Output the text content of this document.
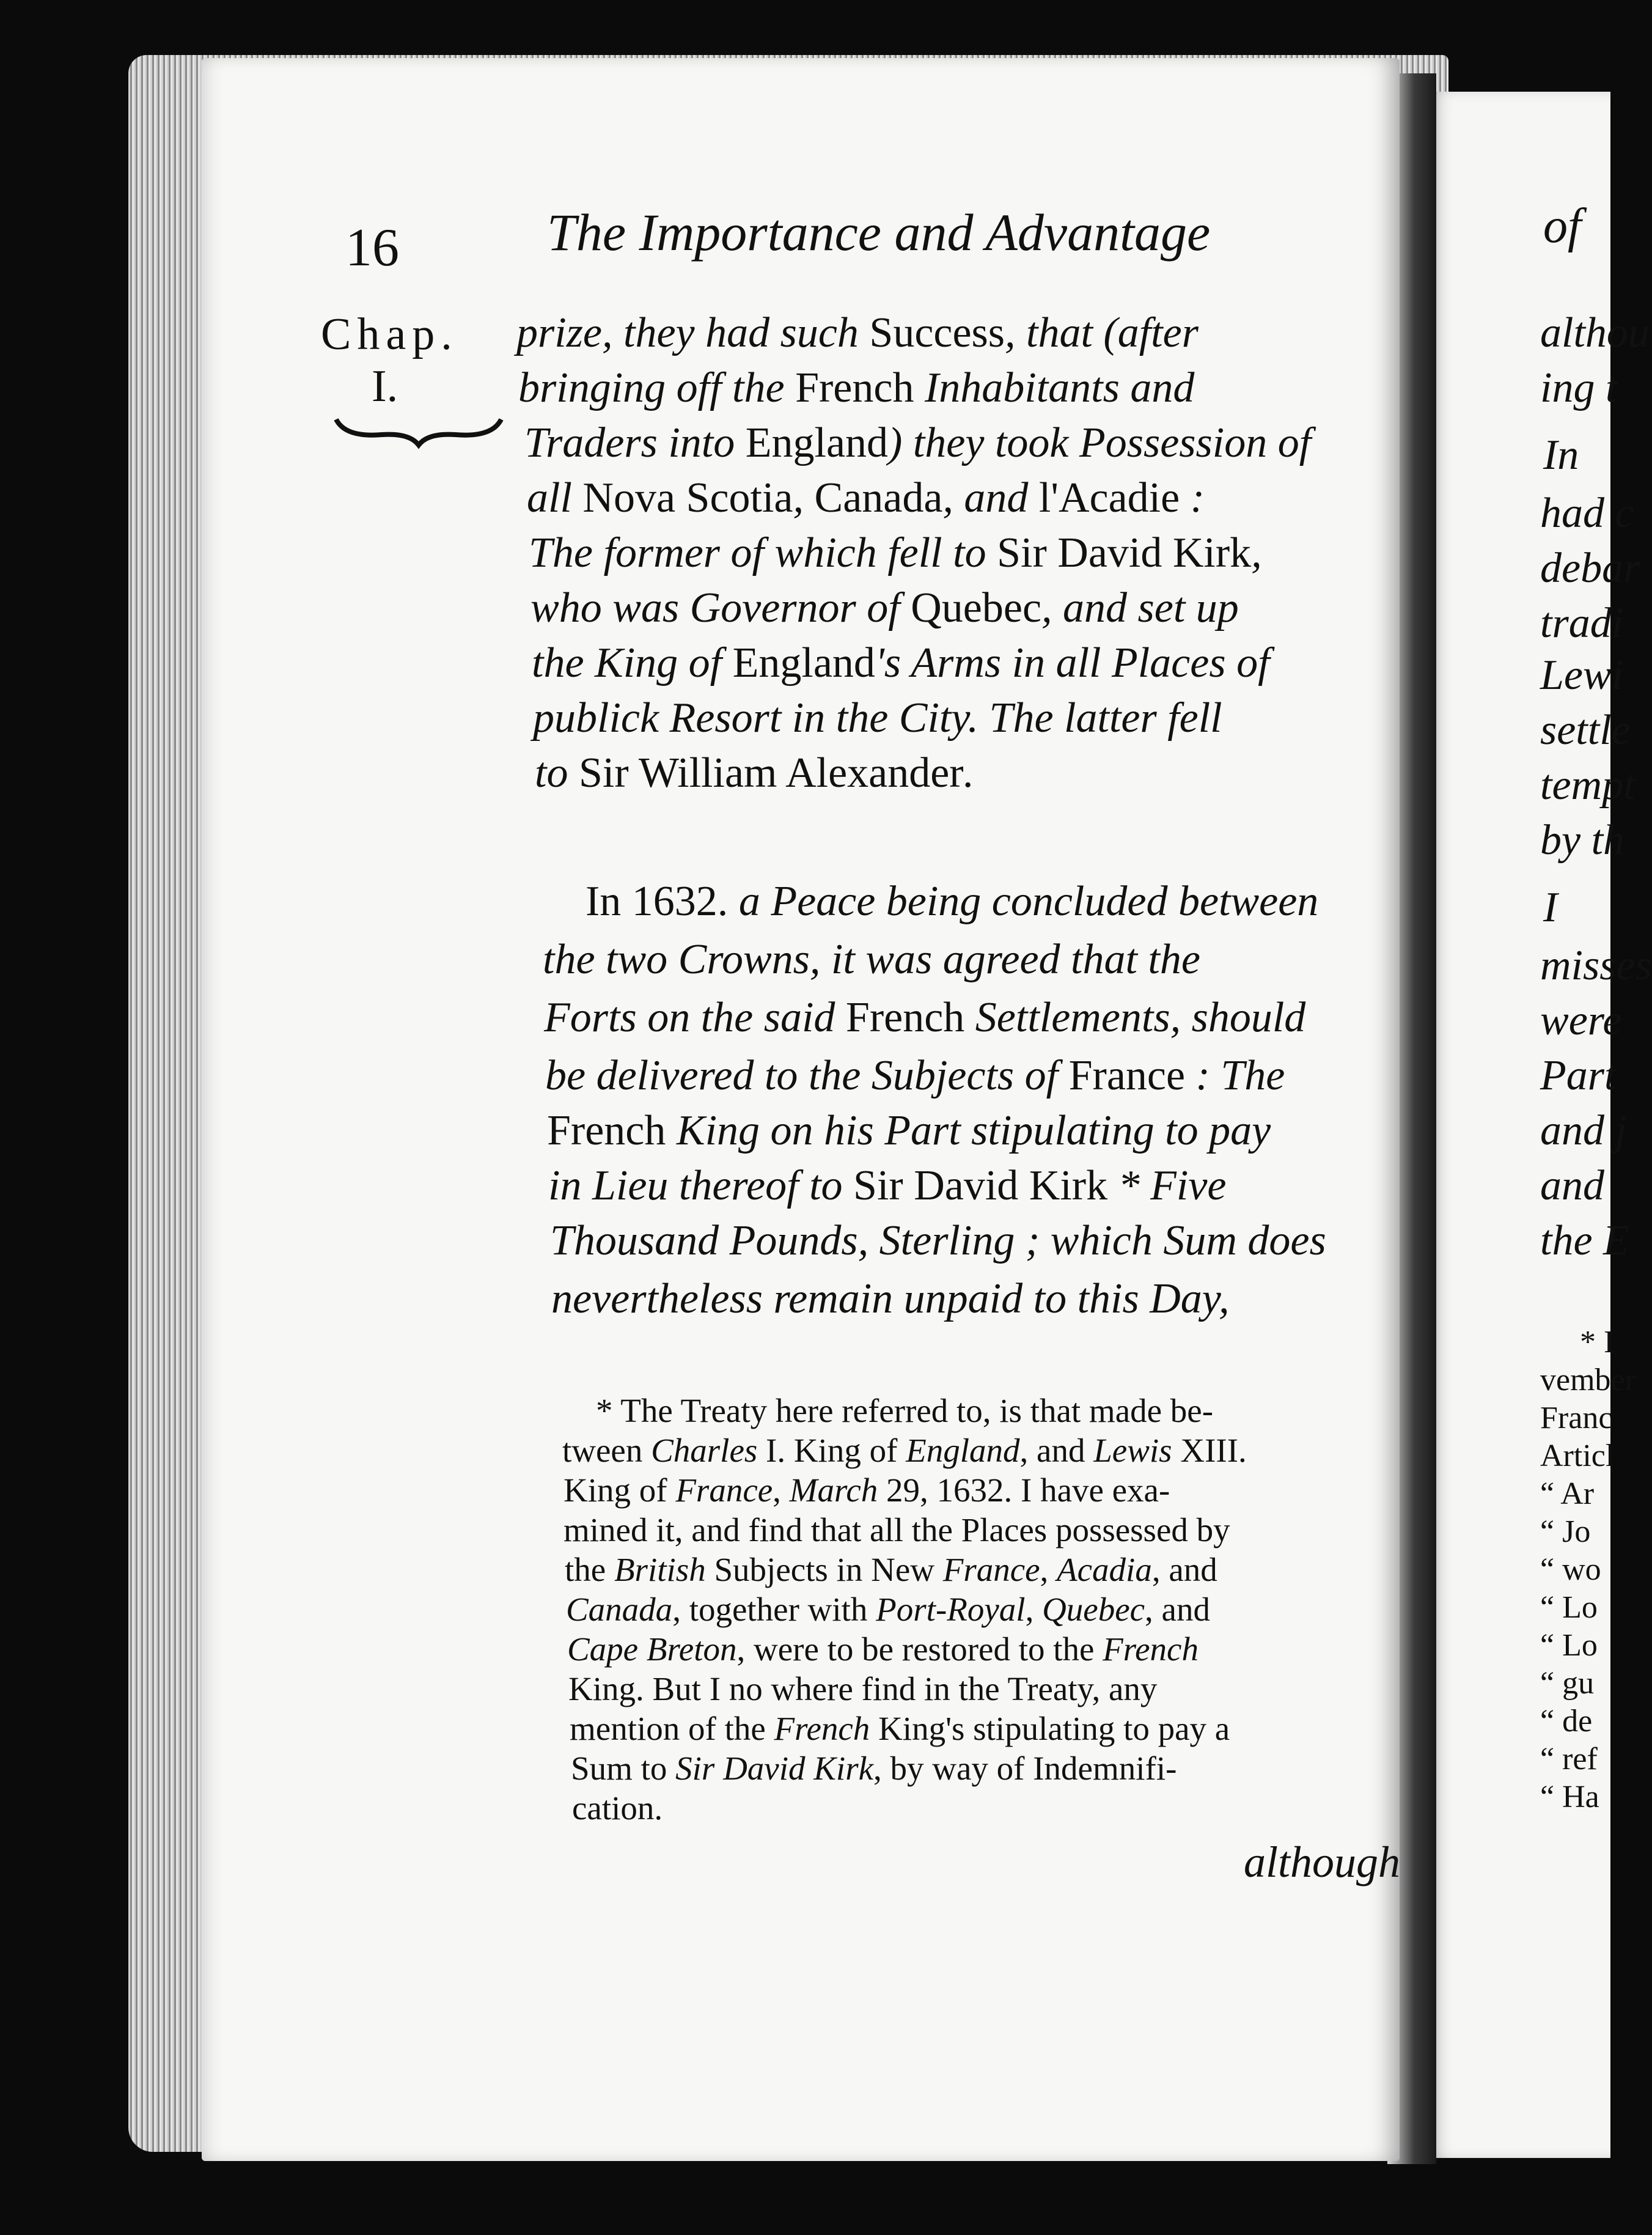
of
althou
ing t
In
had c
debar
tradi
Lewi
settle
tempt
by th
I
misses
were
Part
and j
and
the E
* I
vember
Franc
Articl
“ Ar
“ Jo
“ wo
“ Lo
“ Lo
“ gu
“ de
“ ref
“ Ha
16	The Importance and Advantage
Chap.
I.
prize, they had such Success, that (after
bringing off the French Inhabitants and
Traders into England) they took Possession of
all Nova Scotia, Canada, and l'Acadie :
The former of which fell to Sir David Kirk,
who was Governor of Quebec, and set up
the King of England's Arms in all Places of
publick Resort in the City. The latter fell
to Sir William Alexander.
In 1632. a Peace being concluded between
the two Crowns, it was agreed that the
Forts on the said French Settlements, should
be delivered to the Subjects of France : The
French King on his Part stipulating to pay
in Lieu thereof to Sir David Kirk * Five
Thousand Pounds, Sterling ; which Sum does
nevertheless remain unpaid to this Day,
* The Treaty here referred to, is that made be-
tween Charles I. King of England, and Lewis XIII.
King of France, March 29, 1632. I have exa-
mined it, and find that all the Places possessed by
the British Subjects in New France, Acadia, and
Canada, together with Port-Royal, Quebec, and
Cape Breton, were to be restored to the French
King. But I no where find in the Treaty, any
mention of the French King's stipulating to pay a
Sum to Sir David Kirk, by way of Indemnifi-
cation.
although
